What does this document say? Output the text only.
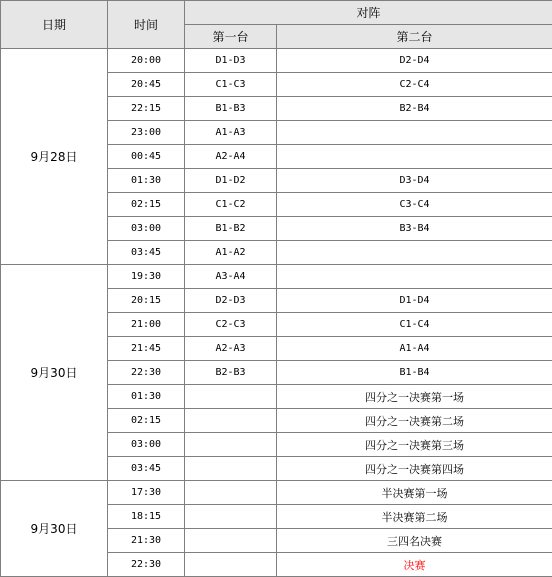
日期	时间	对阵	
		第一台	第二台
9月28日	20:00	D1-D3	D2-D4
	20:45	C1-C3	C2-C4
	22:15	B1-B3	B2-B4
	23:00	A1-A3	
	00:45	A2-A4	
	01:30	D1-D2	D3-D4
	02:15	C1-C2	C3-C4
	03:00	B1-B2	B3-B4
	03:45	A1-A2	
9月30日	19:30	A3-A4	
	20:15	D2-D3	D1-D4
	21:00	C2-C3	C1-C4
	21:45	A2-A3	A1-A4
	22:30	B2-B3	B1-B4
	01:30		四分之一决赛第一场
	02:15		四分之一决赛第二场
	03:00		四分之一决赛第三场
	03:45		四分之一决赛第四场
9月30日	17:30		半决赛第一场
	18:15		半决赛第二场
	21:30		三四名决赛
	22:30		决赛
